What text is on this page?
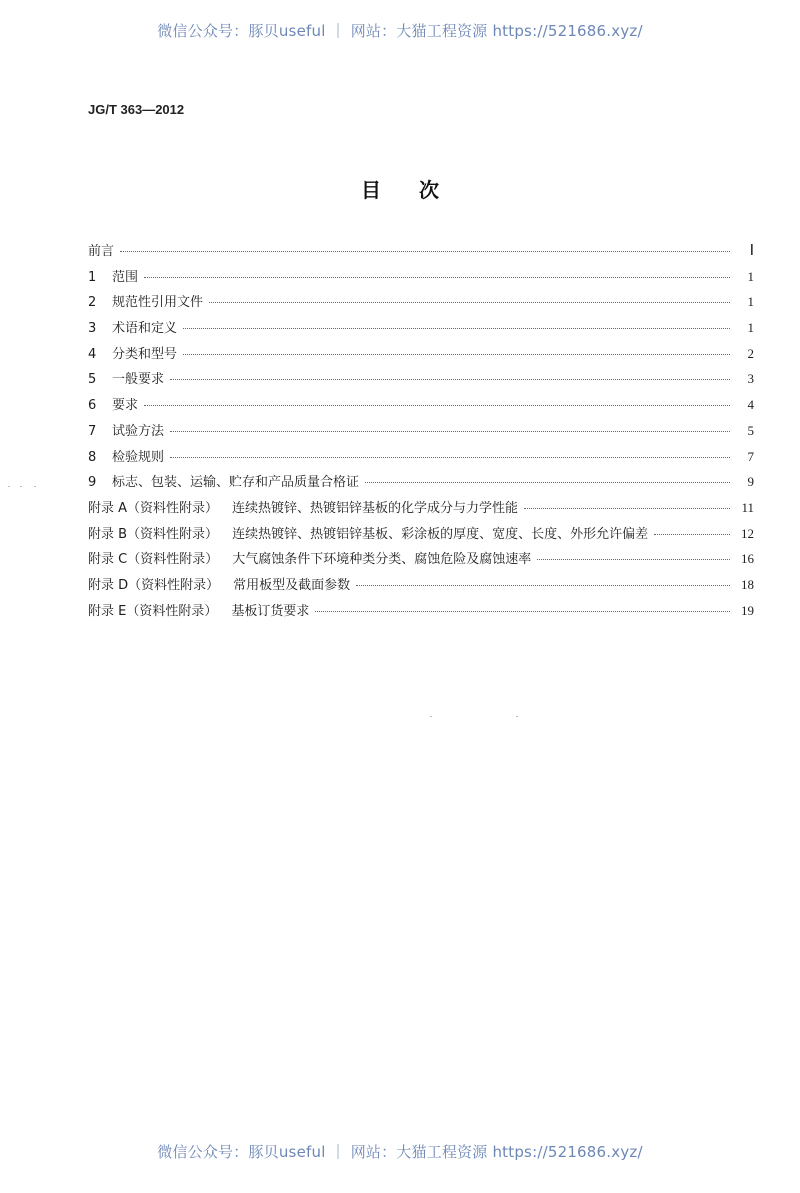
微信公众号：豚贝useful ｜ 网站：大猫工程资源 https://521686.xyz/
JG/T 363—2012
目次
前言	Ⅰ
1	范围	1
2	规范性引用文件	1
3	术语和定义	1
4	分类和型号	2
5	一般要求	3
6	要求	4
7	试验方法	5
8	检验规则	7
9	标志、包装、运输、贮存和产品质量合格证	9
附录 A（资料性附录） 连续热镀锌、热镀铝锌基板的化学成分与力学性能	11
附录 B（资料性附录） 连续热镀锌、热镀铝锌基板、彩涂板的厚度、宽度、长度、外形允许偏差	12
附录 C（资料性附录） 大气腐蚀条件下环境种类分类、腐蚀危险及腐蚀速率	16
附录 D（资料性附录） 常用板型及截面参数	18
附录 E（资料性附录） 基板订货要求	19
微信公众号：豚贝useful ｜ 网站：大猫工程资源 https://521686.xyz/
